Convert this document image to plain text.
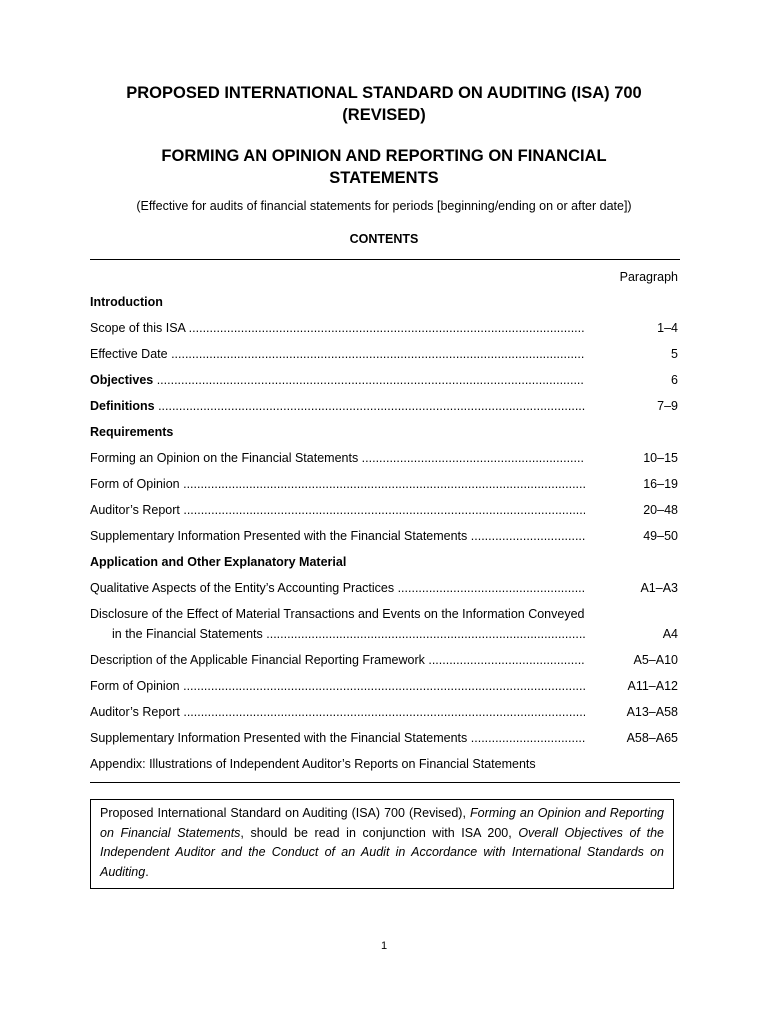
PROPOSED INTERNATIONAL STANDARD ON AUDITING (ISA) 700
(REVISED)
FORMING AN OPINION AND REPORTING ON FINANCIAL
STATEMENTS
(Effective for audits of financial statements for periods [beginning/ending on or after date])
CONTENTS
Paragraph
Introduction
Scope of this ISA .....	1–4
Effective Date .....	5
Objectives .....	6
Definitions .....	7–9
Requirements
Forming an Opinion on the Financial Statements .....	10–15
Form of Opinion .....	16–19
Auditor’s Report .....	20–48
Supplementary Information Presented with the Financial Statements .....	49–50
Application and Other Explanatory Material
Qualitative Aspects of the Entity’s Accounting Practices .....	A1–A3
Disclosure of the Effect of Material Transactions and Events on the Information Conveyed
in the Financial Statements .....	A4
Description of the Applicable Financial Reporting Framework .....	A5–A10
Form of Opinion .....	A11–A12
Auditor’s Report .....	A13–A58
Supplementary Information Presented with the Financial Statements .....	A58–A65
Appendix: Illustrations of Independent Auditor’s Reports on Financial Statements
Proposed International Standard on Auditing (ISA) 700 (Revised), Forming an Opinion and Reporting on Financial Statements, should be read in conjunction with ISA 200, Overall Objectives of the Independent Auditor and the Conduct of an Audit in Accordance with International Standards on Auditing.
1
